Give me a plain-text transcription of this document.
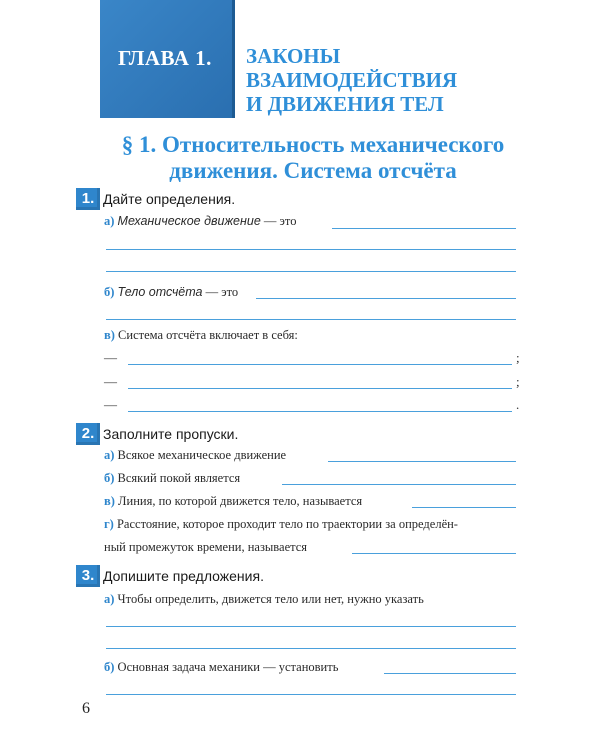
ГЛАВА 1. ЗАКОНЫ
ВЗАИМОДЕЙСТВИЯ
И ДВИЖЕНИЯ ТЕЛ
§ 1. Относительность механического
движения. Система отсчёта
1. Дайте определения.
а) Механическое движение — это
б) Тело отсчёта — это
в) Система отсчёта включает в себя:
—	;
—	;
—	.
2. Заполните пропуски.
а) Всякое механическое движение
б) Всякий покой является
в) Линия, по которой движется тело, называется
г) Расстояние, которое проходит тело по траектории за определён-
ный промежуток времени, называется
3. Допишите предложения.
а) Чтобы определить, движется тело или нет, нужно указать
б) Основная задача механики — установить
6
